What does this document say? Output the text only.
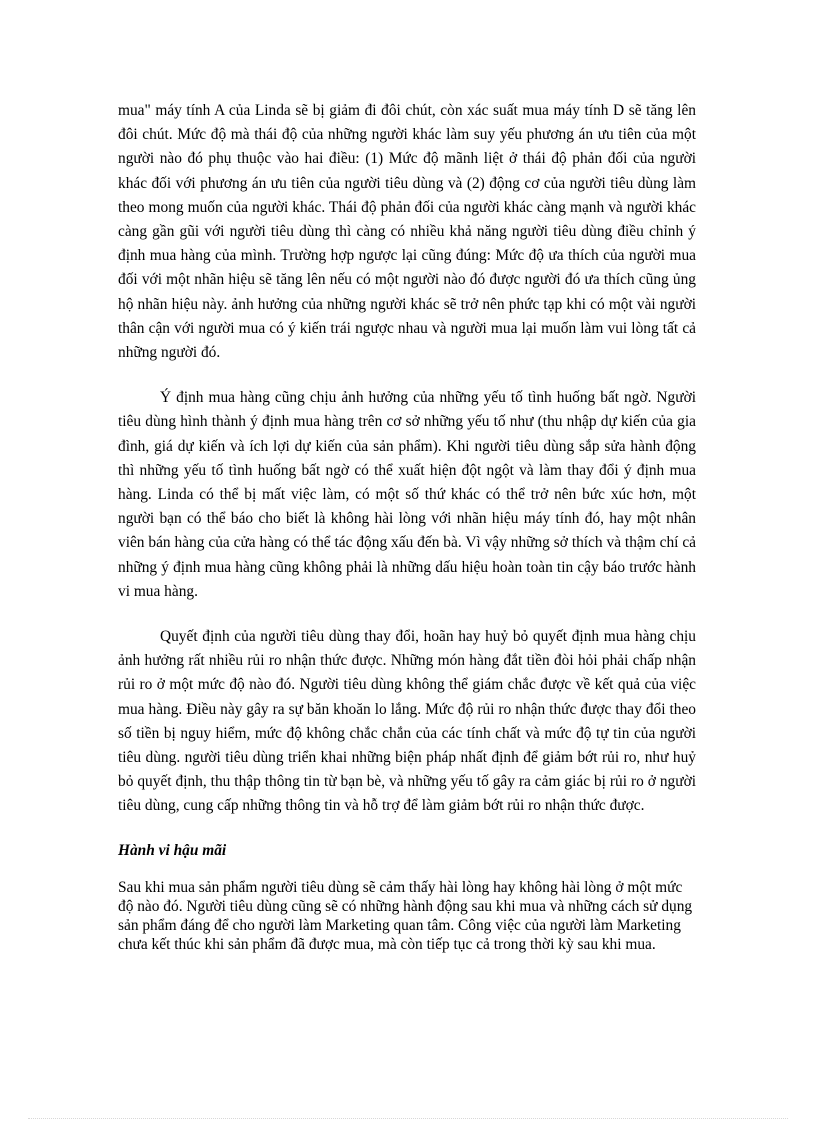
mua" máy tính A của Linda sẽ bị giảm đi đôi chút, còn xác suất mua máy tính D sẽ tăng lên đôi chút. Mức độ mà thái độ của những người khác làm suy yếu phương án ưu tiên của một người nào đó phụ thuộc vào hai điều: (1) Mức độ mãnh liệt ở thái độ phản đối của người khác đối với phương án ưu tiên của người tiêu dùng và (2) động cơ của người tiêu dùng làm theo mong muốn của người khác. Thái độ phản đối của người khác càng mạnh và người khác càng gần gũi với người tiêu dùng thì càng có nhiều khả năng người tiêu dùng điều chỉnh ý định mua hàng của mình. Trường hợp ngược lại cũng đúng: Mức độ ưa thích của người mua đối với một nhãn hiệu sẽ tăng lên nếu có một người nào đó được người đó ưa thích cũng ủng hộ nhãn hiệu này. ảnh hưởng của những người khác sẽ trở nên phức tạp khi có một vài người thân cận với người mua có ý kiến trái ngược nhau và người mua lại muốn làm vui lòng tất cả những người đó.

Ý định mua hàng cũng chịu ảnh hưởng của những yếu tố tình huống bất ngờ. Người tiêu dùng hình thành ý định mua hàng trên cơ sở những yếu tố như (thu nhập dự kiến của gia đình, giá dự kiến và ích lợi dự kiến của sản phẩm). Khi người tiêu dùng sắp sửa hành động thì những yếu tố tình huống bất ngờ có thể xuất hiện đột ngột và làm thay đổi ý định mua hàng. Linda có thể bị mất việc làm, có một số thứ khác có thể trở nên bức xúc hơn, một người bạn có thể báo cho biết là không hài lòng với nhãn hiệu máy tính đó, hay một nhân viên bán hàng của cửa hàng có thể tác động xấu đến bà. Vì vậy những sở thích và thậm chí cả những ý định mua hàng cũng không phải là những dấu hiệu hoàn toàn tin cậy báo trước hành vi mua hàng.

Quyết định của người tiêu dùng thay đổi, hoãn hay huỷ bỏ quyết định mua hàng chịu ảnh hưởng rất nhiều rủi ro nhận thức được. Những món hàng đắt tiền đòi hỏi phải chấp nhận rủi ro ở một mức độ nào đó. Người tiêu dùng không thể giám chắc được về kết quả của việc mua hàng. Điều này gây ra sự băn khoăn lo lắng. Mức độ rủi ro nhận thức được thay đổi theo số tiền bị nguy hiểm, mức độ không chắc chắn của các tính chất và mức độ tự tin của người tiêu dùng. người tiêu dùng triển khai những biện pháp nhất định để giảm bớt rủi ro, như huỷ bỏ quyết định, thu thập thông tin từ bạn bè, và những yếu tố gây ra cảm giác bị rủi ro ở người tiêu dùng, cung cấp những thông tin và hỗ trợ để làm giảm bớt rủi ro nhận thức được.

Hành vi hậu mãi

Sau khi mua sản phẩm người tiêu dùng sẽ cảm thấy hài lòng hay không hài lòng ở một mức độ nào đó. Người tiêu dùng cũng sẽ có những hành động sau khi mua và những cách sử dụng sản phẩm đáng để cho người làm Marketing quan tâm. Công việc của người làm Marketing chưa kết thúc khi sản phẩm đã được mua, mà còn tiếp tục cả trong thời kỳ sau khi mua.
